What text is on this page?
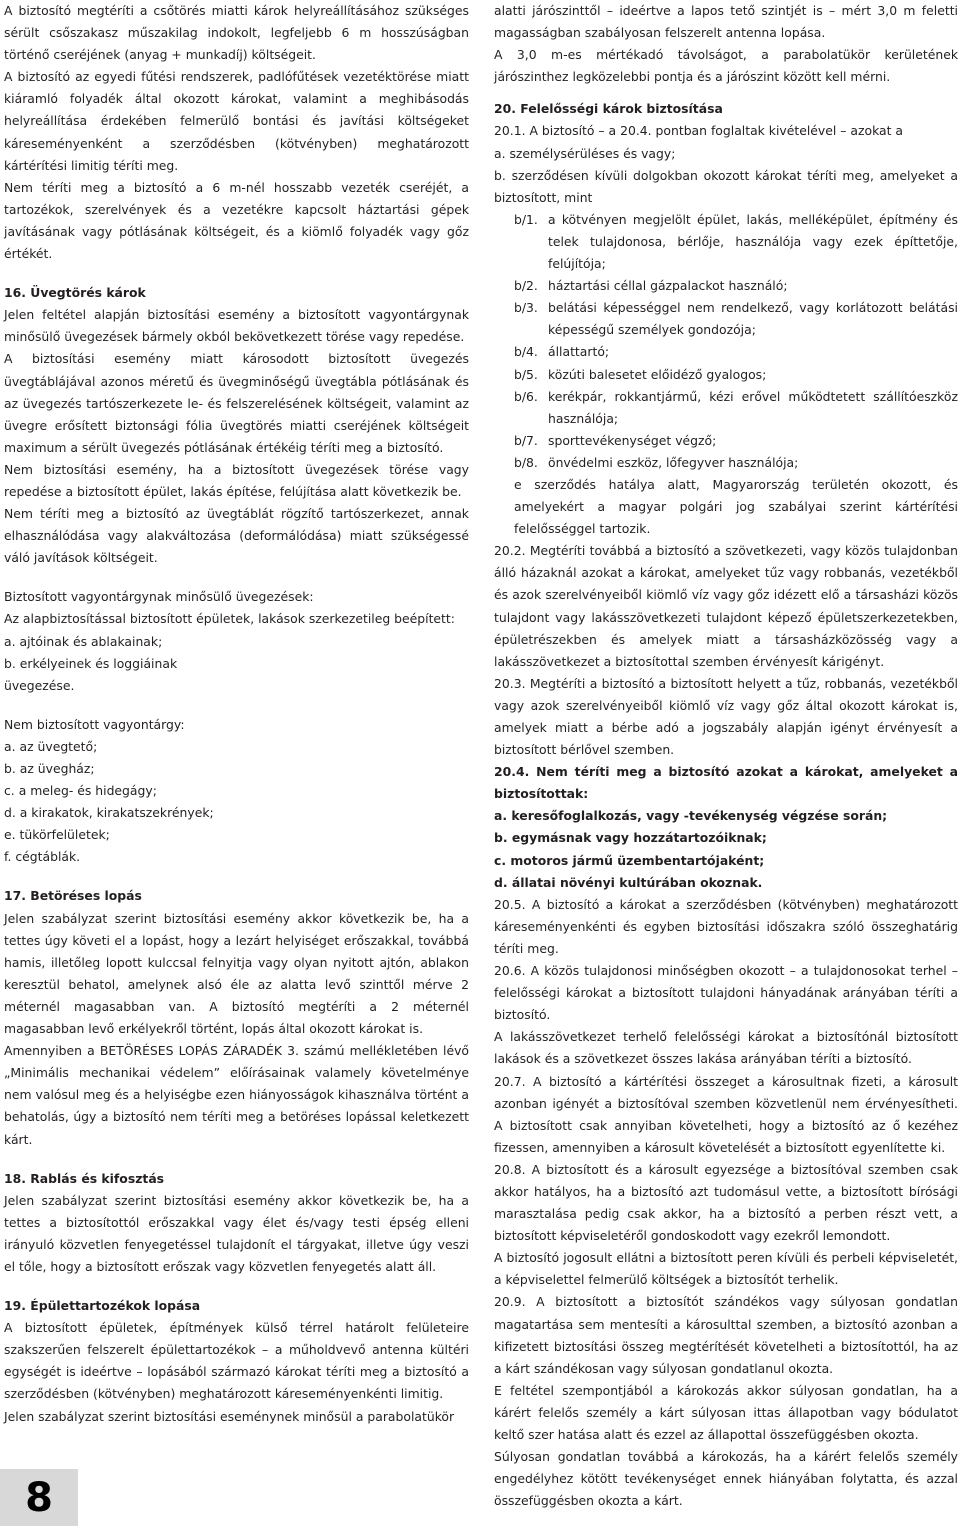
A biztosító megtéríti a csőtörés miatti károk helyreállításához szükséges sérült csőszakasz műszakilag indokolt, legfeljebb 6 m hosszúságban történő cseréjének (anyag + munkadíj) költségeit.

A biztosító az egyedi fűtési rendszerek, padlófűtések vezetéktörése miatt kiáramló folyadék által okozott károkat, valamint a meghibásodás helyreállítása érdekében felmerülő bontási és javítási költségeket káreseményenként a szerződésben (kötvényben) meghatározott kártérítési limitig téríti meg.

Nem téríti meg a biztosító a 6 m-nél hosszabb vezeték cseréjét, a tartozékok, szerelvények és a vezetékre kapcsolt háztartási gépek javításának vagy pótlásának költségeit, és a kiömlő folyadék vagy gőz értékét.

16. Üvegtörés károk

Jelen feltétel alapján biztosítási esemény a biztosított vagyontárgynak minősülő üvegezések bármely okból bekövetkezett törése vagy repedése.

A biztosítási esemény miatt károsodott biztosított üvegezés üvegtáblájával azonos méretű és üvegminőségű üvegtábla pótlásának és az üvegezés tartószerkezete le- és felszerelésének költségeit, valamint az üvegre erősített biztonsági fólia üvegtörés miatti cseréjének költségeit maximum a sérült üvegezés pótlásának értékéig téríti meg a biztosító.

Nem biztosítási esemény, ha a biztosított üvegezések törése vagy repedése a biztosított épület, lakás építése, felújítása alatt következik be.

Nem téríti meg a biztosító az üvegtáblát rögzítő tartószerkezet, annak elhasználódása vagy alakváltozása (deformálódása) miatt szükségessé váló javítások költségeit.

Biztosított vagyontárgynak minősülő üvegezések:

Az alapbiztosítással biztosított épületek, lakások szerkezetileg beépített:

a. ajtóinak és ablakainak;
b. erkélyeinek és loggiáinak

üvegezése.

Nem biztosított vagyontárgy:

a. az üvegtető;
b. az üvegház;
c. a meleg- és hidegágy;
d. a kirakatok, kirakatszekrények;
e. tükörfelületek;
f. cégtáblák.

17. Betöréses lopás

Jelen szabályzat szerint biztosítási esemény akkor következik be, ha a tettes úgy követi el a lopást, hogy a lezárt helyiséget erőszakkal, továbbá hamis, illetőleg lopott kulccsal felnyitja vagy olyan nyitott ajtón, ablakon keresztül behatol, amelynek alsó éle az alatta levő szinttől mérve 2 méternél magasabban van. A biztosító megtéríti a 2 méternél magasabban levő erkélyekről történt, lopás által okozott károkat is.

Amennyiben a BETÖRÉSES LOPÁS ZÁRADÉK 3. számú mellékletében lévő „Minimális mechanikai védelem” előírásainak valamely követelménye nem valósul meg és a helyiségbe ezen hiányosságok kihasználva történt a behatolás, úgy a biztosító nem téríti meg a betöréses lopással keletkezett kárt.

18. Rablás és kifosztás

Jelen szabályzat szerint biztosítási esemény akkor következik be, ha a tettes a biztosítottól erőszakkal vagy élet és/vagy testi épség elleni irányuló közvetlen fenyegetéssel tulajdonít el tárgyakat, illetve úgy veszi el tőle, hogy a biztosított erőszak vagy közvetlen fenyegetés alatt áll.

19. Épülettartozékok lopása

A biztosított épületek, építmények külső térrel határolt felületeire szakszerűen felszerelt épülettartozékok – a műholdvevő antenna kültéri egységét is ideértve – lopásából származó károkat téríti meg a biztosító a szerződésben (kötvényben) meghatározott káreseményenkénti limitig.

Jelen szabályzat szerint biztosítási eseménynek minősül a parabolatükör

alatti járószinttől – ideértve a lapos tető szintjét is – mért 3,0 m feletti magasságban szabályosan felszerelt antenna lopása.

A 3,0 m-es mértékadó távolságot, a parabolatükör kerületének járószinthez legközelebbi pontja és a járószint között kell mérni.

20. Felelősségi károk biztosítása

20.1. A biztosító – a 20.4. pontban foglaltak kivételével – azokat a

a. személysérüléses és vagy;

b. szerződésen kívüli dolgokban okozott károkat téríti meg, amelyeket a biztosított, mint

b/1. a kötvényen megjelölt épület, lakás, melléképület, építmény és telek tulajdonosa, bérlője, használója vagy ezek építtetője, felújítója;
b/2. háztartási céllal gázpalackot használó;
b/3. belátási képességgel nem rendelkező, vagy korlátozott belátási képességű személyek gondozója;
b/4. állattartó;
b/5. közúti balesetet előidéző gyalogos;
b/6. kerékpár, rokkantjármű, kézi erővel működtetett szállítóeszköz használója;
b/7. sporttevékenységet végző;
b/8. önvédelmi eszköz, lőfegyver használója;

e szerződés hatálya alatt, Magyarország területén okozott, és amelyekért a magyar polgári jog szabályai szerint kártérítési felelősséggel tartozik.

20.2. Megtéríti továbbá a biztosító a szövetkezeti, vagy közös tulajdonban álló házaknál azokat a károkat, amelyeket tűz vagy robbanás, vezetékből és azok szerelvényeiből kiömlő víz vagy gőz idézett elő a társasházi közös tulajdont vagy lakásszövetkezeti tulajdont képező épületszerkezetekben, épületrészekben és amelyek miatt a társasházközösség vagy a lakásszövetkezet a biztosítottal szemben érvényesít kárigényt.

20.3. Megtéríti a biztosító a biztosított helyett a tűz, robbanás, vezetékből vagy azok szerelvényeiből kiömlő víz vagy gőz által okozott károkat is, amelyek miatt a bérbe adó a jogszabály alapján igényt érvényesít a biztosított bérlővel szemben.

20.4. Nem téríti meg a biztosító azokat a károkat, amelyeket a biztosítottak:

a. keresőfoglalkozás, vagy -tevékenység végzése során;
b. egymásnak vagy hozzátartozóiknak;
c. motoros jármű üzembentartójaként;
d. állatai növényi kultúrában okoznak.

20.5. A biztosító a károkat a szerződésben (kötvényben) meghatározott káreseményenkénti és egyben biztosítási időszakra szóló összeghatárig téríti meg.

20.6. A közös tulajdonosi minőségben okozott – a tulajdonosokat terhel – felelősségi károkat a biztosított tulajdoni hányadának arányában téríti a biztosító.

A lakásszövetkezet terhelő felelősségi károkat a biztosítónál biztosított lakások és a szövetkezet összes lakása arányában téríti a biztosító.

20.7. A biztosító a kártérítési összeget a károsultnak fizeti, a károsult azonban igényét a biztosítóval szemben közvetlenül nem érvényesítheti. A biztosított csak annyiban követelheti, hogy a biztosító az ő kezéhez fizessen, amennyiben a károsult követelését a biztosított egyenlítette ki.

20.8. A biztosított és a károsult egyezsége a biztosítóval szemben csak akkor hatályos, ha a biztosító azt tudomásul vette, a biztosított bírósági marasztalása pedig csak akkor, ha a biztosító a perben részt vett, a biztosított képviseletéről gondoskodott vagy ezekről lemondott.

A biztosító jogosult ellátni a biztosított peren kívüli és perbeli képviseletét, a képviselettel felmerülő költségek a biztosítót terhelik.

20.9. A biztosított a biztosítót szándékos vagy súlyosan gondatlan magatartása sem mentesíti a károsulttal szemben, a biztosító azonban a kifizetett biztosítási összeg megtérítését követelheti a biztosítottól, ha az a kárt szándékosan vagy súlyosan gondatlanul okozta.

E feltétel szempontjából a károkozás akkor súlyosan gondatlan, ha a kárért felelős személy a kárt súlyosan ittas állapotban vagy bódulatot keltő szer hatása alatt és ezzel az állapottal összefüggésben okozta.

Súlyosan gondatlan továbbá a károkozás, ha a kárért felelős személy engedélyhez kötött tevékenységet ennek hiányában folytatta, és azzal összefüggésben okozta a kárt.

8
